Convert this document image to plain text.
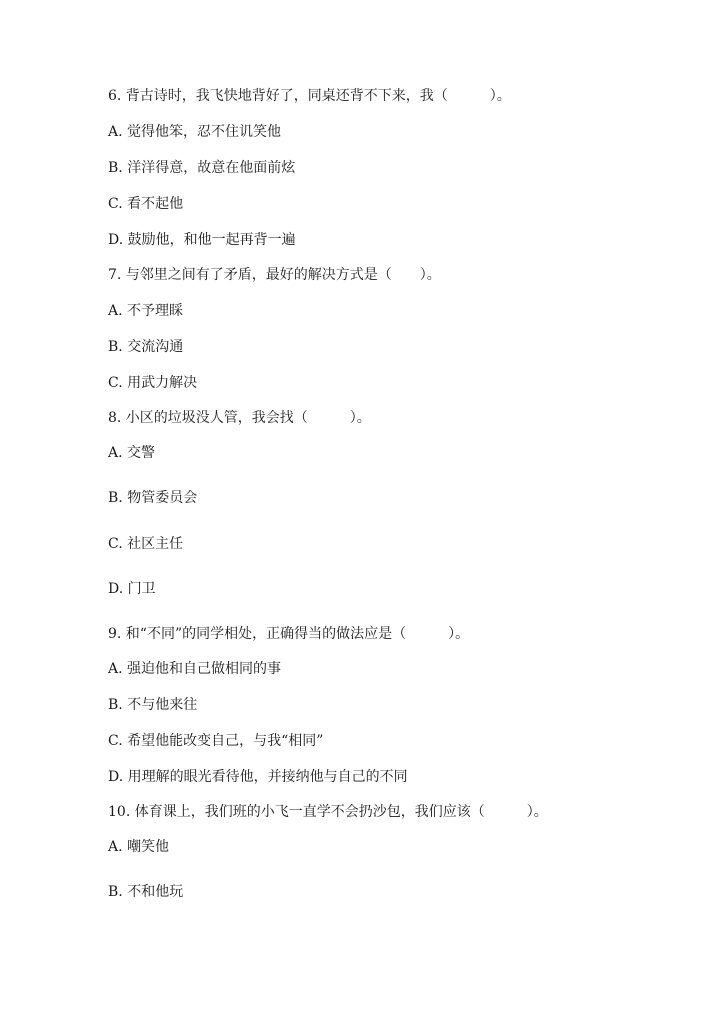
6. 背古诗时，我飞快地背好了，同桌还背不下来，我（　　　）。
A. 觉得他笨，忍不住讥笑他
B. 洋洋得意，故意在他面前炫
C. 看不起他
D. 鼓励他，和他一起再背一遍
7. 与邻里之间有了矛盾，最好的解决方式是（　　）。
A. 不予理睬
B. 交流沟通
C. 用武力解决
8. 小区的垃圾没人管，我会找（　　　）。
A. 交警
B. 物管委员会
C. 社区主任
D. 门卫
9. 和“不同”的同学相处，正确得当的做法应是（　　　）。
A. 强迫他和自己做相同的事
B. 不与他来往
C. 希望他能改变自己，与我“相同”
D. 用理解的眼光看待他，并接纳他与自己的不同
10. 体育课上，我们班的小飞一直学不会扔沙包，我们应该（　　　）。
A. 嘲笑他
B. 不和他玩
